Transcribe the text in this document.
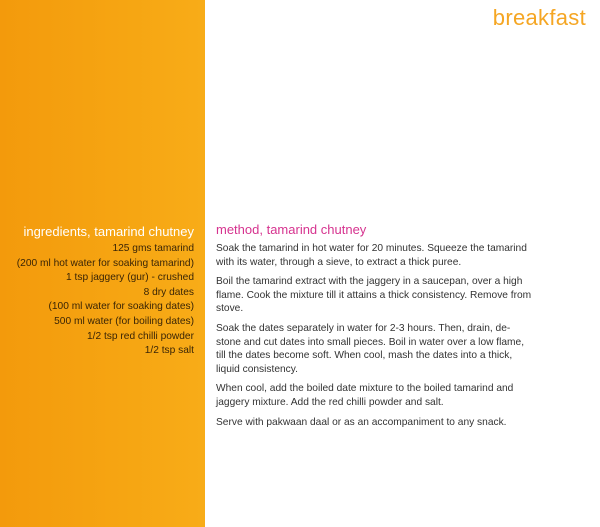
breakfast
ingredients, tamarind chutney
125 gms tamarind
(200 ml hot water for soaking tamarind)
1 tsp jaggery (gur) - crushed
8 dry dates
(100 ml water for soaking dates)
500 ml water (for boiling dates)
1/2 tsp red chilli powder
1/2 tsp salt
method, tamarind chutney

Soak the tamarind in hot water for 20 minutes. Squeeze the tamarind with its water, through a sieve, to extract a thick puree.

Boil the tamarind extract with the jaggery in a saucepan, over a high flame. Cook the mixture till it attains a thick consistency. Remove from stove.

Soak the dates separately in water for 2-3 hours. Then, drain, de-stone and cut dates into small pieces. Boil in water over a low flame, till the dates become soft. When cool, mash the dates into a thick, liquid consistency.

When cool, add the boiled date mixture to the boiled tamarind and jaggery mixture. Add the red chilli powder and salt.

Serve with pakwaan daal or as an accompaniment to any snack.
